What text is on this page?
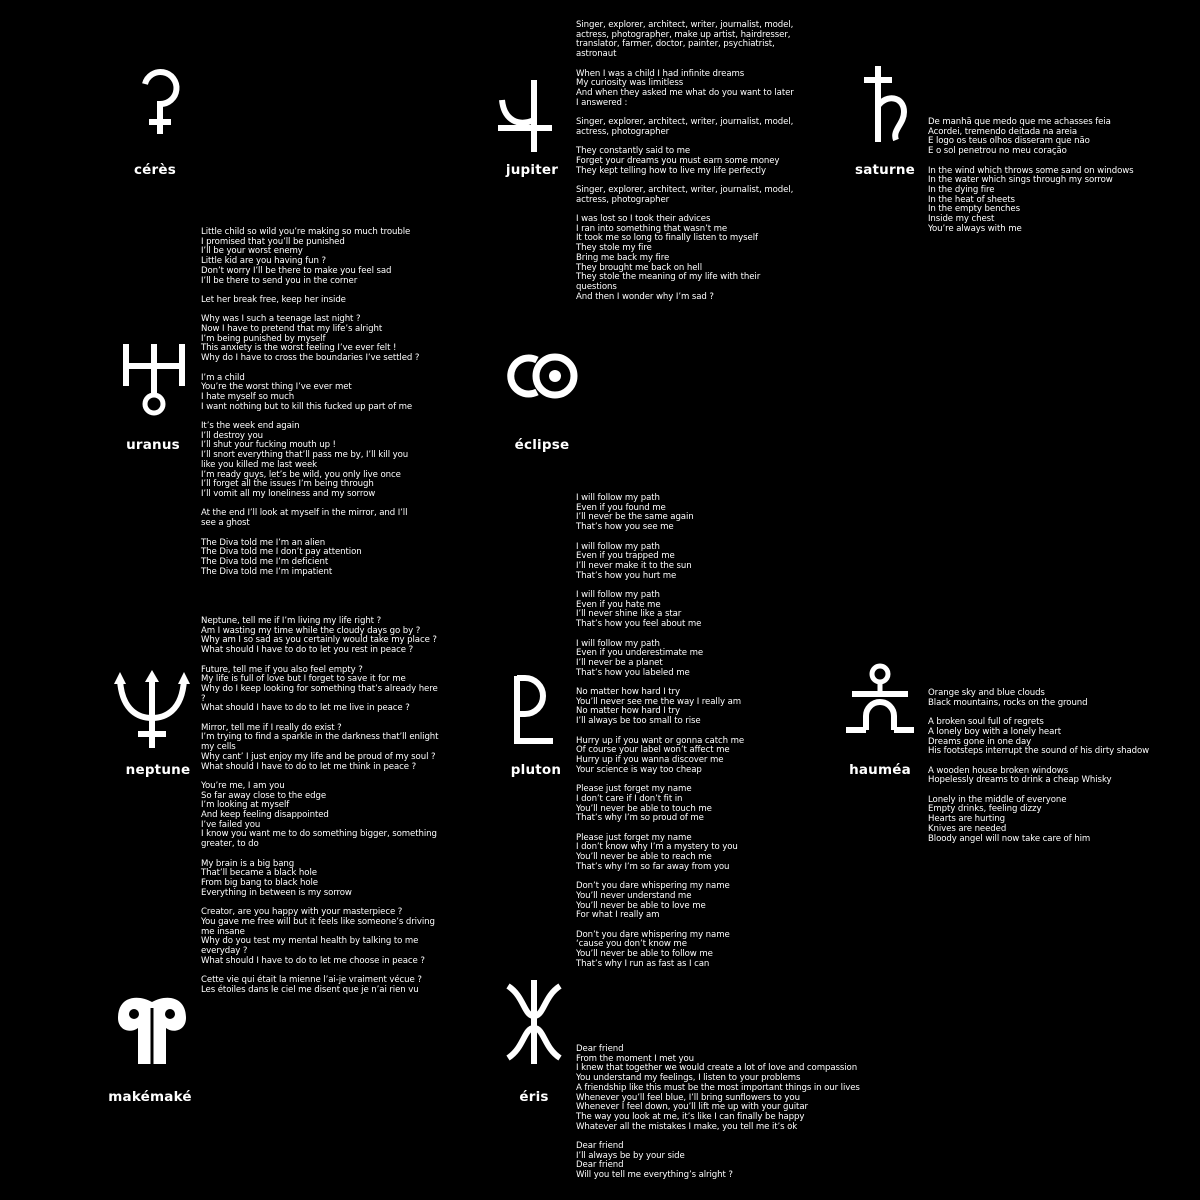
cérès	jupiter
Singer, explorer, architect, writer, journalist, model,
actress, photographer, make up artist, hairdresser,
translator, farmer, doctor, painter, psychiatrist,
astronaut

When I was a child I had infinite dreams
My curiosity was limitless
And when they asked me what do you want to later
I answered :

Singer, explorer, architect, writer, journalist, model,
actress, photographer

They constantly said to me
Forget your dreams you must earn some money
They kept telling how to live my life perfectly

Singer, explorer, architect, writer, journalist, model,
actress, photographer

I was lost so I took their advices
I ran into something that wasn’t me
It took me so long to finally listen to myself
They stole my fire
Bring me back my fire
They brought me back on hell
They stole the meaning of my life with their
questions
And then I wonder why I’m sad ?
saturne
De manhã que medo que me achasses feia
Acordei, tremendo deitada na areia
E logo os teus olhos disseram que não
E o sol penetrou no meu coração

In the wind which throws some sand on windows
In the water which sings through my sorrow
In the dying fire
In the heat of sheets
In the empty benches
Inside my chest
You’re always with me
uranus
Little child so wild you’re making so much trouble
I promised that you’ll be punished
I’ll be your worst enemy
Little kid are you having fun ?
Don’t worry I’ll be there to make you feel sad
I’ll be there to send you in the corner

Let her break free, keep her inside

Why was I such a teenage last night ?
Now I have to pretend that my life’s alright
I’m being punished by myself
This anxiety is the worst feeling I’ve ever felt !
Why do I have to cross the boundaries I’ve settled ?

I’m a child
You’re the worst thing I’ve ever met
I hate myself so much
I want nothing but to kill this fucked up part of me

It’s the week end again
I’ll destroy you
I’ll shut your fucking mouth up !
I’ll snort everything that’ll pass me by, I’ll kill you
like you killed me last week
I’m ready guys, let’s be wild, you only live once
I’ll forget all the issues I’m being through
I’ll vomit all my loneliness and my sorrow

At the end I’ll look at myself in the mirror, and I’ll
see a ghost

The Diva told me I’m an alien
The Diva told me I don’t pay attention
The Diva told me I’m deficient
The Diva told me I’m impatient
éclipse
neptune
Neptune, tell me if I’m living my life right ?
Am I wasting my time while the cloudy days go by ?
Why am I so sad as you certainly would take my place ?
What should I have to do to let you rest in peace ?

Future, tell me if you also feel empty ?
My life is full of love but I forget to save it for me
Why do I keep looking for something that’s already here
?
What should I have to do to let me live in peace ?

Mirror, tell me if I really do exist ?
I’m trying to find a sparkle in the darkness that’ll enlight
my cells
Why cant’ I just enjoy my life and be proud of my soul ?
What should I have to do to let me think in peace ?

You’re me, I am you
So far away close to the edge
I’m looking at myself
And keep feeling disappointed
I’ve failed you
I know you want me to do something bigger, something
greater, to do

My brain is a big bang
That’ll became a black hole
From big bang to black hole
Everything in between is my sorrow

Creator, are you happy with your masterpiece ?
You gave me free will but it feels like someone’s driving
me insane
Why do you test my mental health by talking to me
everyday ?
What should I have to do to let me choose in peace ?

Cette vie qui était la mienne l’ai-je vraiment vécue ?
Les étoiles dans le ciel me disent que je n’ai rien vu
pluton
I will follow my path
Even if you found me
I’ll never be the same again
That’s how you see me

I will follow my path
Even if you trapped me
I’ll never make it to the sun
That’s how you hurt me

I will follow my path
Even if you hate me
I’ll never shine like a star
That’s how you feel about me

I will follow my path
Even if you underestimate me
I’ll never be a planet
That’s how you labeled me

No matter how hard I try
You’ll never see me the way I really am
No matter how hard I try
I’ll always be too small to rise

Hurry up if you want or gonna catch me
Of course your label won’t affect me
Hurry up if you wanna discover me
Your science is way too cheap

Please just forget my name
I don’t care if I don’t fit in
You’ll never be able to touch me
That’s why I’m so proud of me

Please just forget my name
I don’t know why I’m a mystery to you
You’ll never be able to reach me
That’s why I’m so far away from you

Don’t you dare whispering my name
You’ll never understand me
You’ll never be able to love me
For what I really am

Don’t you dare whispering my name
‘cause you don’t know me
You’ll never be able to follow me
That’s why I run as fast as I can
hauméa
Orange sky and blue clouds
Black mountains, rocks on the ground

A broken soul full of regrets
A lonely boy with a lonely heart
Dreams gone in one day
His footsteps interrupt the sound of his dirty shadow

A wooden house broken windows
Hopelessly dreams to drink a cheap Whisky

Lonely in the middle of everyone
Empty drinks, feeling dizzy
Hearts are hurting
Knives are needed
Bloody angel will now take care of him
makémaké	éris
Dear friend
From the moment I met you
I knew that together we would create a lot of love and compassion
You understand my feelings, I listen to your problems
A friendship like this must be the most important things in our lives
Whenever you’ll feel blue, I’ll bring sunflowers to you
Whenever I feel down, you’ll lift me up with your guitar
The way you look at me, it’s like I can finally be happy
Whatever all the mistakes I make, you tell me it’s ok

Dear friend
I’ll always be by your side
Dear friend
Will you tell me everything’s alright ?
